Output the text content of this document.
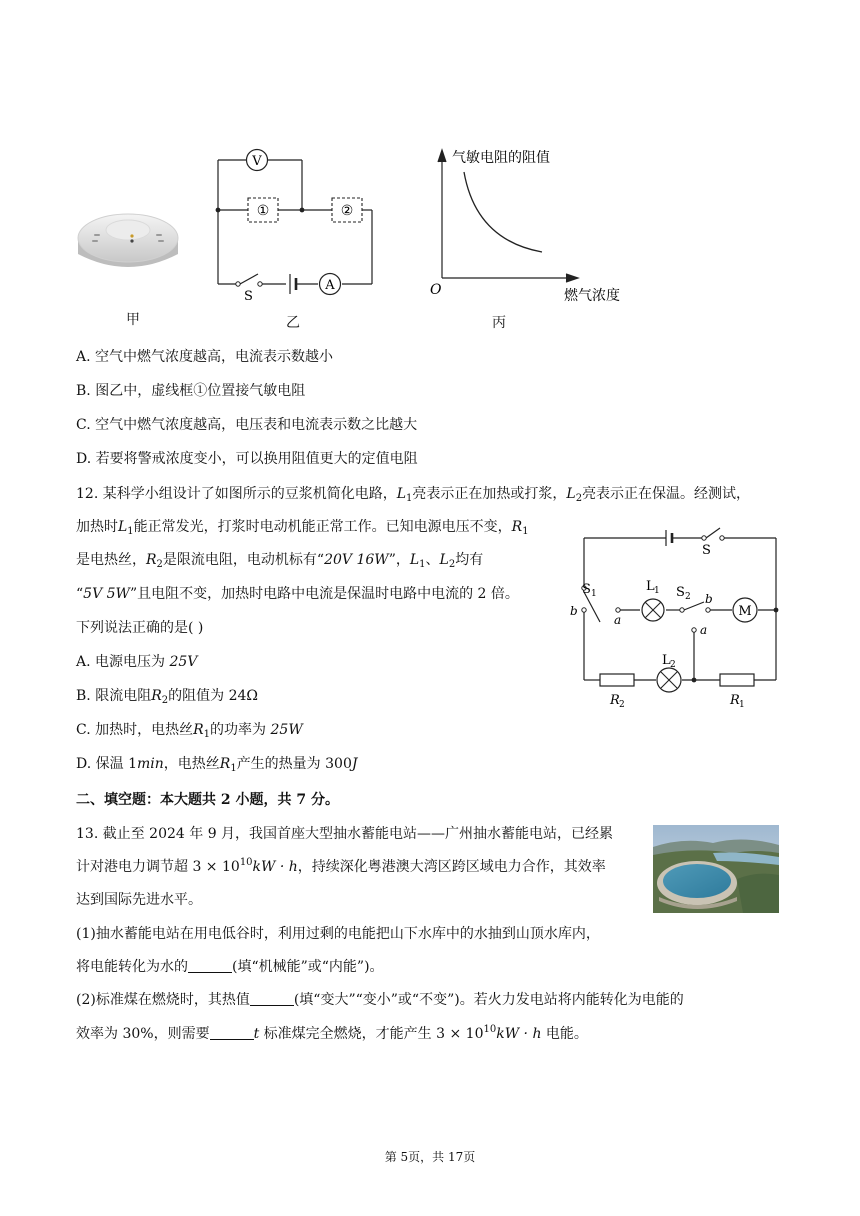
甲
V
①	②
A
S
乙
气敏电阻的阻值
O	燃气浓度
丙
A. 空气中燃气浓度越高，电流表示数越小
B. 图乙中，虚线框①位置接气敏电阻
C. 空气中燃气浓度越高，电压表和电流表示数之比越大
D. 若要将警戒浓度变小，可以换用阻值更大的定值电阻
12. 某科学小组设计了如图所示的豆浆机简化电路，$L_1$亮表示正在加热或打浆，$L_2$亮表示正在保温。经测试，
加热时$L_1$能正常发光，打浆时电动机能正常工作。已知电源电压不变，$R_1$
是电热丝，$R_2$是限流电阻，电动机标有“20V 16W”，$L_1$、$L_2$均有
“5V 5W”且电阻不变，加热时电路中电流是保温时电路中电流的 2 倍。
下列说法正确的是( )
A. 电源电压为 25V
B. 限流电阻$R_2$的阻值为 24Ω
C. 加热时，电热丝$R_1$的功率为 25W
D. 保温 1min，电热丝$R_1$产生的热量为 300J
M
S
S 1
b
a
L 1 S 2 b
a
L 2
R 2	R 1
二、填空题：本大题共 2 小题，共 7 分。
13. 截止至 2024 年 9 月，我国首座大型抽水蓄能电站——广州抽水蓄能电站，已经累
计对港电力调节超 $3 \times 10^{10}kW \cdot h$，持续深化粤港澳大湾区跨区域电力合作，其效率
达到国际先进水平。
(1)抽水蓄能电站在用电低谷时，利用过剩的电能把山下水库中的水抽到山顶水库内，
将电能转化为水的	(填“机械能”或“内能”)。
(2)标准煤在燃烧时，其热值	(填“变大”“变小”或“不变”)。若火力发电站将内能转化为电能的
效率为 30%，则需要	t 标准煤完全燃烧，才能产生 $3 \times 10^{10}kW \cdot h$ 电能。
第 5页，共 17页
